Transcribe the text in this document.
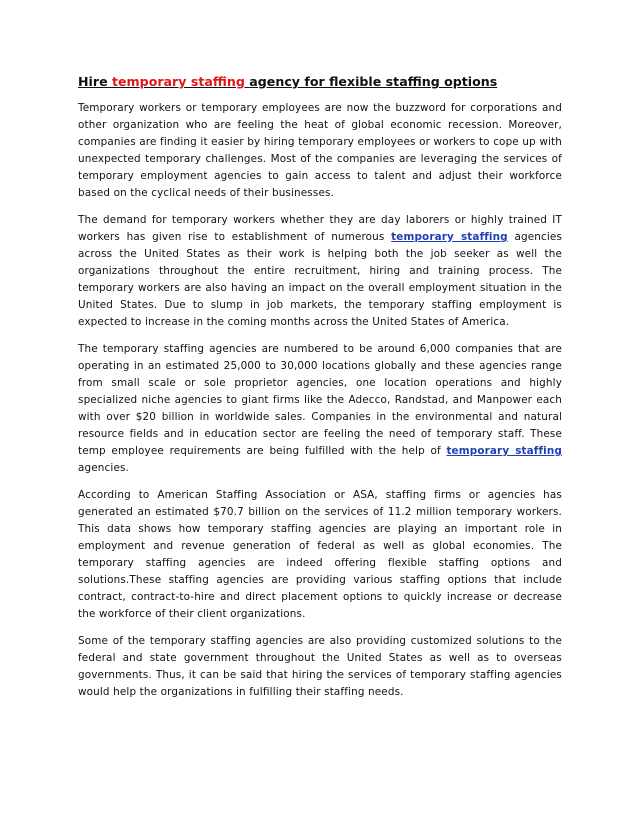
Hire temporary staffing agency for flexible staffing options

Temporary workers or temporary employees are now the buzzword for corporations and other organization who are feeling the heat of global economic recession. Moreover, companies are finding it easier by hiring temporary employees or workers to cope up with unexpected temporary challenges. Most of the companies are leveraging the services of temporary employment agencies to gain access to talent and adjust their workforce based on the cyclical needs of their businesses.

The demand for temporary workers whether they are day laborers or highly trained IT workers has given rise to establishment of numerous temporary staffing agencies across the United States as their work is helping both the job seeker as well the organizations throughout the entire recruitment, hiring and training process. The temporary workers are also having an impact on the overall employment situation in the United States. Due to slump in job markets, the temporary staffing employment is expected to increase in the coming months across the United States of America.

The temporary staffing agencies are numbered to be around 6,000 companies that are operating in an estimated 25,000 to 30,000 locations globally and these agencies range from small scale or sole proprietor agencies, one location operations and highly specialized niche agencies to giant firms like the Adecco, Randstad, and Manpower each with over $20 billion in worldwide sales. Companies in the environmental and natural resource fields and in education sector are feeling the need of temporary staff. These temp employee requirements are being fulfilled with the help of temporary staffing agencies.

According to American Staffing Association or ASA, staffing firms or agencies has generated an estimated $70.7 billion on the services of 11.2 million temporary workers. This data shows how temporary staffing agencies are playing an important role in employment and revenue generation of federal as well as global economies. The temporary staffing agencies are indeed offering flexible staffing options and solutions.These staffing agencies are providing various staffing options that include contract, contract-to-hire and direct placement options to quickly increase or decrease the workforce of their client organizations.

Some of the temporary staffing agencies are also providing customized solutions to the federal and state government throughout the United States as well as to overseas governments. Thus, it can be said that hiring the services of temporary staffing agencies would help the organizations in fulfilling their staffing needs.
